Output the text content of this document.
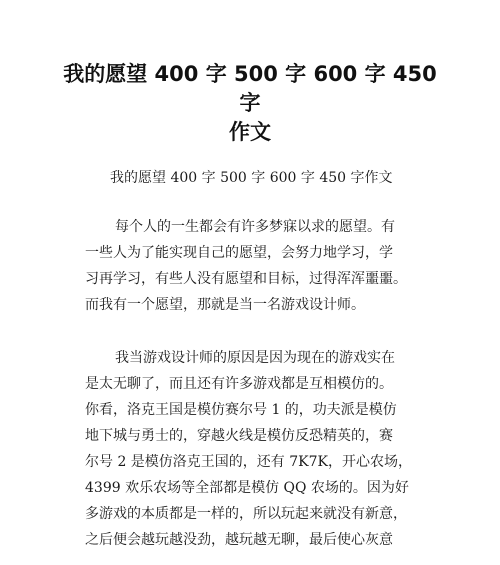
我的愿望 400 字 500 字 600 字 450 字
作文

我的愿望 400 字 500 字 600 字 450 字作文

每个人的一生都会有许多梦寐以求的愿望。有
一些人为了能实现自己的愿望，会努力地学习，学
习再学习，有些人没有愿望和目标，过得浑浑噩噩。
而我有一个愿望，那就是当一名游戏设计师。
我当游戏设计师的原因是因为现在的游戏实在
是太无聊了，而且还有许多游戏都是互相模仿的。
你看，洛克王国是模仿赛尔号 1 的，功夫派是模仿
地下城与勇士的，穿越火线是模仿反恐精英的，赛
尔号 2 是模仿洛克王国的，还有 7K7K，开心农场，
4399 欢乐农场等全部都是模仿 QQ 农场的。因为好
多游戏的本质都是一样的，所以玩起来就没有新意，
之后便会越玩越没劲，越玩越无聊，最后使心灰意
